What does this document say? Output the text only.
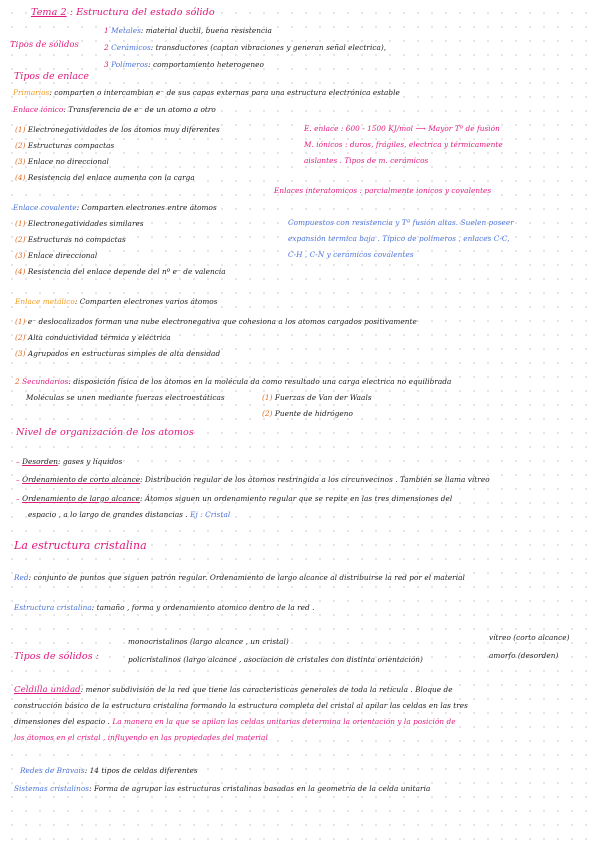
Tema 2 : Estructura del estado sólido
Tipos de sólidos
1 Metales: material ductil, buena resistencia
2 Cerámicos: transductores (captan vibraciones y generan señal electrica),
3 Polímeros: comportamiento heterogeneo
Tipos de enlace
Primarios: comparten o intercambian e⁻ de sus capas externas para una estructura electrónica estable
Enlace iónico: Transferencia de e⁻ de un atomo a otro
(1) Electronegatividades de los átomos muy diferentes
(2) Estructuras compactas
(3) Enlace no direccional
(4) Resistencia del enlace aumenta con la carga
E. enlace : 600 - 1500 KJ/mol ⟶ Mayor Tª de fusión
M. iónicos : duros, frágiles, electrica y térmicamente
aislantes . Tipos de m. cerámicos
Enlaces interatomicos : parcialmente ionicos y covalentes
Enlace covalente: Comparten electrones entre átomos
(1) Electronegatividades similares
(2) Estructuras no compactas
(3) Enlace direccional
(4) Resistencia del enlace depende del nº e⁻ de valencia
Compuestos con resistencia y Tª fusión altas. Suelen poseer
expansión termica baja . Típico de polímeros , enlaces C-C,
C-H , C-N y ceramicos covalentes
Enlace metálico: Comparten electrones varios átomos
(1) e⁻ deslocalizados forman una nube electronegativa que cohesiona a los atomos cargados positivamente
(2) Alta conductividad térmica y eléctrica
(3) Agrupados en estructuras simples de alta densidad
2 Secundarios: disposición física de los átomos en la molécula da como resultado una carga electrica no equilibrada
Moléculas se unen mediante fuerzas electroestáticas	(1) Fuerzas de Van der Waals
(2) Puente de hidrógeno
Nivel de organización de los atomos
– Desorden: gases y líquidos
– Ordenamiento de corto alcance: Distribución regular de los átomos restringida a los circunvecinos . También se llama vítreo
– Ordenamiento de largo alcance: Átomos siguen un ordenamiento regular que se repite en las tres dimensiones del
espacio , a lo largo de grandes distancias . Ej : Cristal
La estructura cristalina
Red: conjunto de puntos que siguen patrón regular. Ordenamiento de largo alcance al distribuirse la red por el material
Estructura cristalina: tamaño , forma y ordenamiento atomico dentro de la red .
Tipos de sólidos :
monocristalinos (largo alcance , un cristal)
policristalinos (largo alcance , asociacion de cristales con distinta orientación)
vítreo (corto alcance)
amorfo (desorden)
Celdilla unidad: menor subdivisión de la red que tiene las caracteristicas generales de toda la retícula . Bloque de
construcción básico de la estructura cristalina formando la estructura completa del cristal al apilar las celdas en las tres
dimensiones del espacio . La manera en la que se apilan las celdas unitarias determina la orientación y la posición de
los átomos en el cristal , influyendo en las propiedades del material
Redes de Bravais: 14 tipos de celdas diferentes
Sistemas cristalinos: Forma de agrupar las estructuras cristalinas basadas en la geometría de la celda unitaria
